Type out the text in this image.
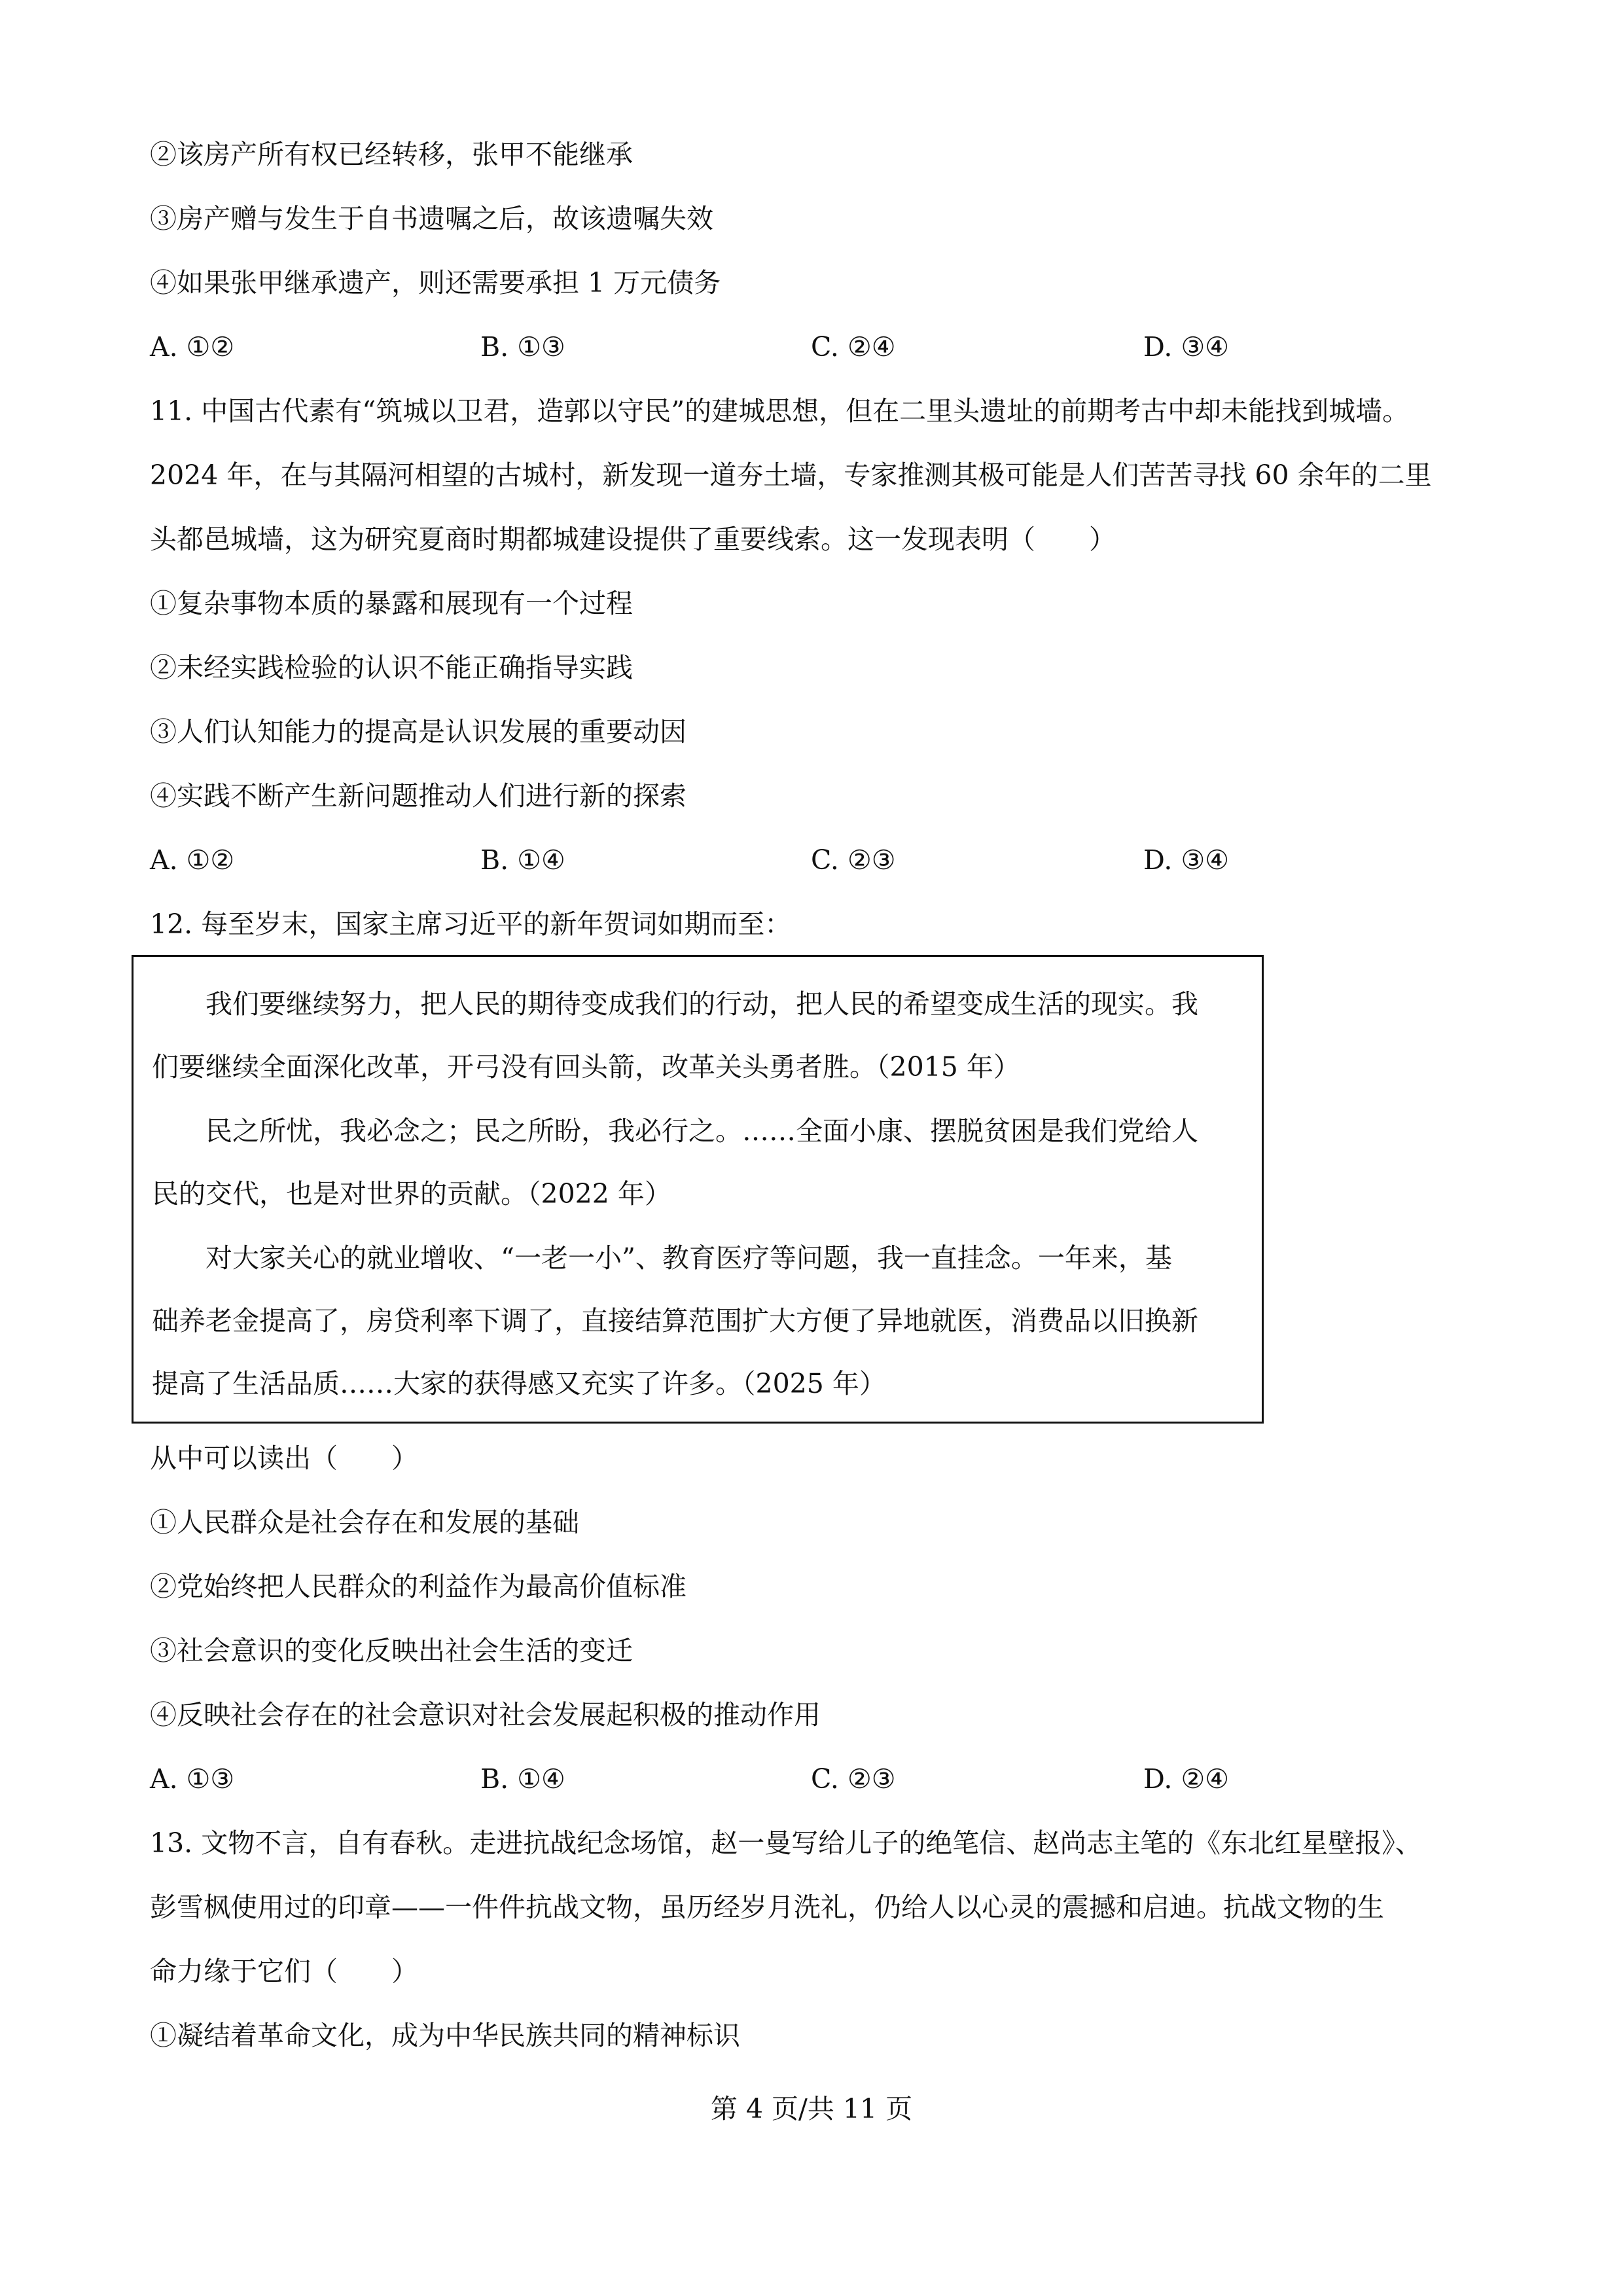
②该房产所有权已经转移，张甲不能继承

③房产赠与发生于自书遗嘱之后，故该遗嘱失效

④如果张甲继承遗产，则还需要承担 1 万元债务

A. ①②	B. ①③	C. ②④	D. ③④

11. 中国古代素有“筑城以卫君，造郭以守民”的建城思想，但在二里头遗址的前期考古中却未能找到城墙。

2024 年，在与其隔河相望的古城村，新发现一道夯土墙，专家推测其极可能是人们苦苦寻找 60 余年的二里

头都邑城墙，这为研究夏商时期都城建设提供了重要线索。这一发现表明（　　）

①复杂事物本质的暴露和展现有一个过程

②未经实践检验的认识不能正确指导实践

③人们认知能力的提高是认识发展的重要动因

④实践不断产生新问题推动人们进行新的探索

A. ①②	B. ①④	C. ②③	D. ③④

12. 每至岁末，国家主席习近平的新年贺词如期而至：

我们要继续努力，把人民的期待变成我们的行动，把人民的希望变成生活的现实。我

们要继续全面深化改革，开弓没有回头箭，改革关头勇者胜。（2015 年）

民之所忧，我必念之；民之所盼，我必行之。……全面小康、摆脱贫困是我们党给人

民的交代，也是对世界的贡献。（2022 年）

对大家关心的就业增收、“一老一小”、教育医疗等问题，我一直挂念。一年来，基

础养老金提高了，房贷利率下调了，直接结算范围扩大方便了异地就医，消费品以旧换新

提高了生活品质……大家的获得感又充实了许多。（2025 年）

从中可以读出（　　）

①人民群众是社会存在和发展的基础

②党始终把人民群众的利益作为最高价值标准

③社会意识的变化反映出社会生活的变迁

④反映社会存在的社会意识对社会发展起积极的推动作用

A. ①③	B. ①④	C. ②③	D. ②④

13. 文物不言，自有春秋。走进抗战纪念场馆，赵一曼写给儿子的绝笔信、赵尚志主笔的《东北红星壁报》、

彭雪枫使用过的印章——一件件抗战文物，虽历经岁月洗礼，仍给人以心灵的震撼和启迪。抗战文物的生

命力缘于它们（　　）

①凝结着革命文化，成为中华民族共同的精神标识

第 4 页/共 11 页
